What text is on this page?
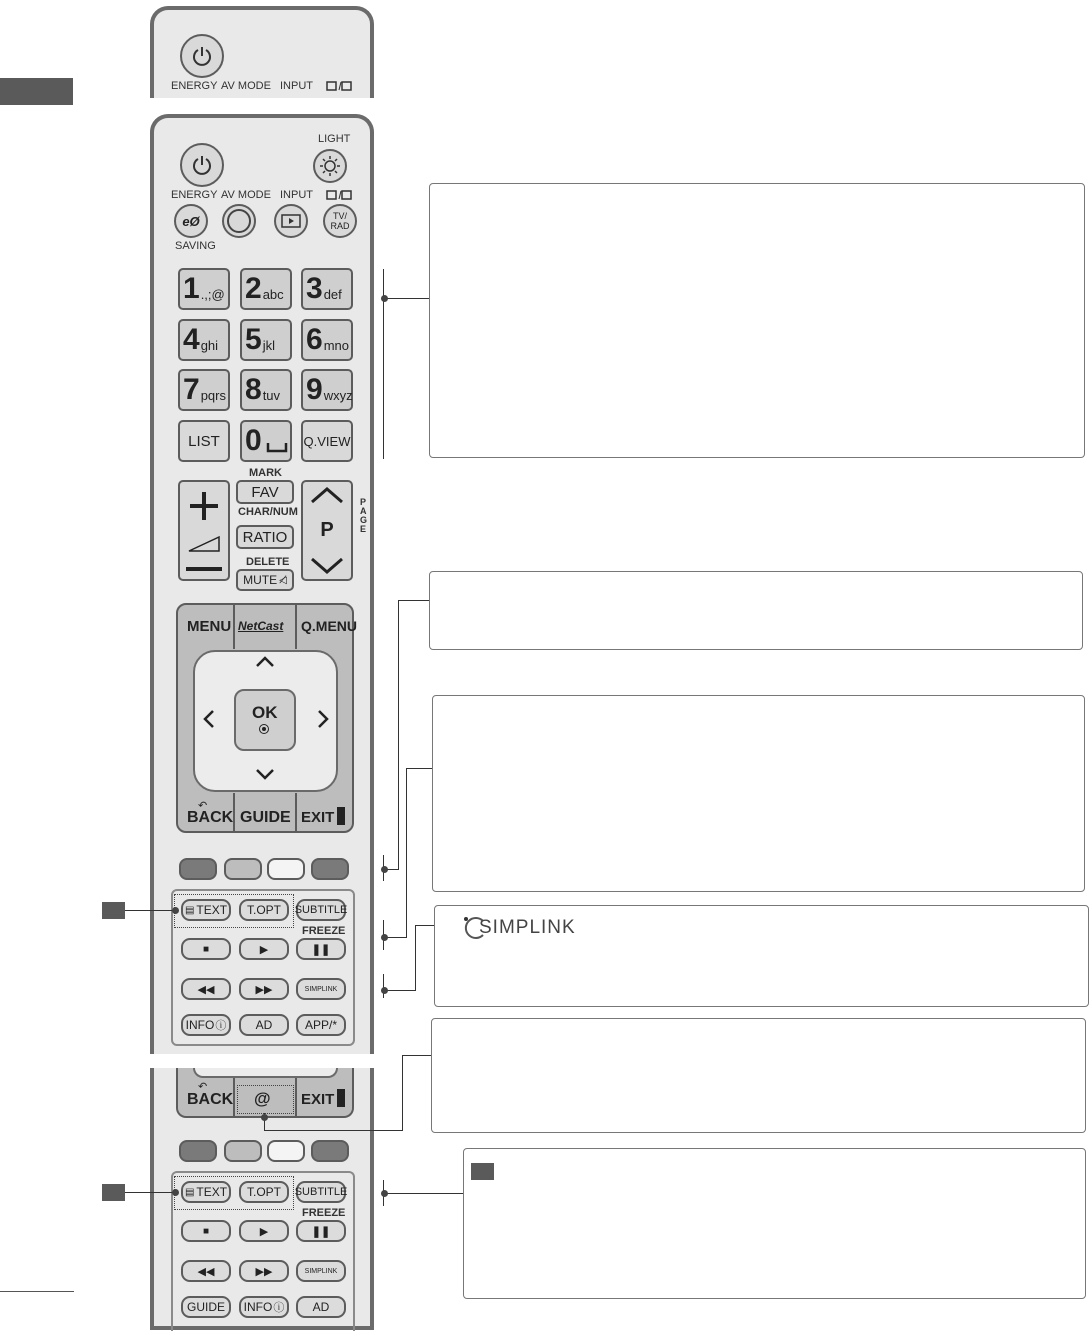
ENERGY AV MODE INPUT
LIGHT
ENERGY AV MODE INPUT
eØ	TV/
RAD
SAVING
1 .,;@ 2 abc 3 def
4 ghi 5 jkl 6 mno
7 pqrs 8 tuv 9 wxyz
LIST 0	Q.VIEW
MARK
FAV
CHAR/NUM
RATIO
DELETE
MUTE ◁̸
P
PAGE
MENU NetCast Q.MENU
OK
↶
BACK GUIDE EXIT
▤ TEXT	T.OPT	SUBTITLE
FREEZE
■	▶	❚❚
◀◀	▶▶	SIMPLINK
INFO ⓘ	AD	APP/*
↶
BACK @ EXIT
▤ TEXT	T.OPT	SUBTITLE
FREEZE
■	▶	❚❚
◀◀	▶▶	SIMPLINK
GUIDE	INFO ⓘ	AD
SIMPLINK
